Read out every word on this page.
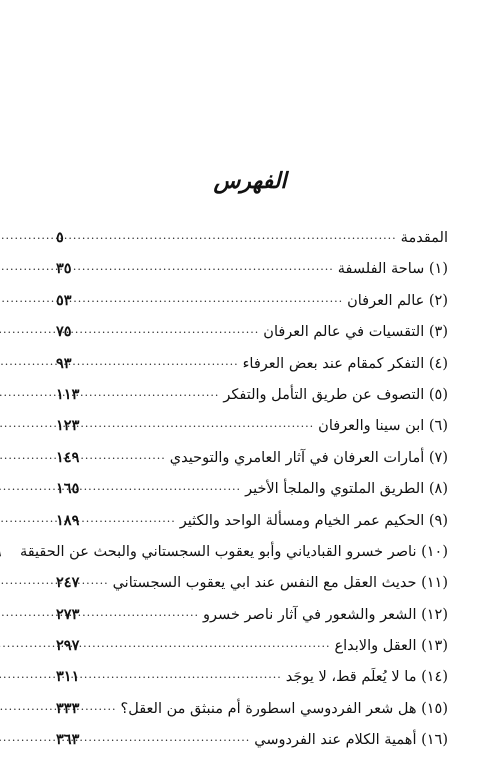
الفهرس
المقدمة
.....
٥
(١) ساحة الفلسفة
.....
٣٥
(٢) عالم العرفان
.....
٥٣
(٣) التقسيات في عالم العرفان
.....
٧٥
(٤) التفكر كمقام عند بعض العرفاء
.....
٩٣
(٥) التصوف عن طريق التأمل والتفكر
.....
١١٣
(٦) ابن سينا والعرفان
.....
١٢٣
(٧) أمارات العرفان في آثار العامري والتوحيدي
.....
١٤٩
(٨) الطريق الملتوي والملجأ الأخير
.....
١٦٥
(٩) الحكيم عمر الخيام ومسألة الواحد والكثير
.....
١٨٩
(١٠) ناصر خسرو القبادياني وأبو يعقوب السجستاني والبحث عن الحقيقة
(١١) حديث العقل مع النفس عند ابي يعقوب السجستاني
.....
٢٤٧
(١٢) الشعر والشعور في آثار ناصر خسرو
.....
٢٧٣
(١٣) العقل والابداع
.....
٢٩٧
(١٤) ما لا يُعلَم قط، لا يوجَد
.....
٣١١
(١٥) هل شعر الفردوسي اسطورة أم منبثق من العقل؟
.....
٣٣٣
(١٦) أهمية الكلام عند الفردوسي
.....
٣٦٣
